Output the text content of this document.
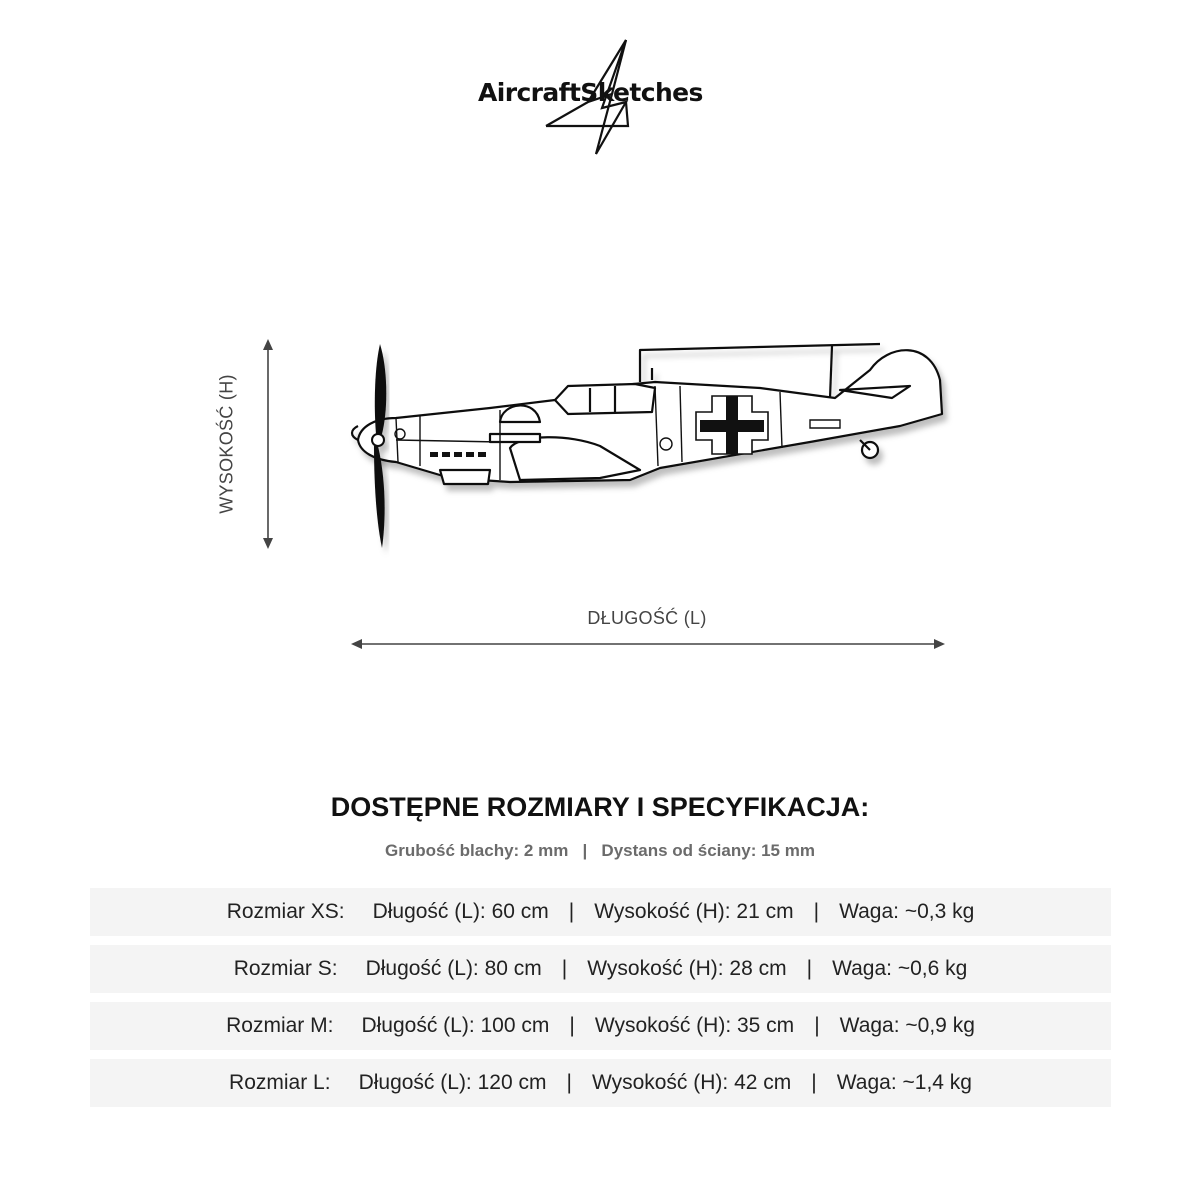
AircraftSketches
WYSOKOŚĆ (H)
DŁUGOŚĆ (L)
DOSTĘPNE ROZMIARY I SPECYFIKACJA:
Grubość blachy: 2 mm   |   Dystans od ściany: 15 mm
Rozmiar XS: Długość (L): 60 cm | Wysokość (H): 21 cm | Waga: ~0,3 kg
Rozmiar S: Długość (L): 80 cm | Wysokość (H): 28 cm | Waga: ~0,6 kg
Rozmiar M: Długość (L): 100 cm | Wysokość (H): 35 cm | Waga: ~0,9 kg
Rozmiar L: Długość (L): 120 cm | Wysokość (H): 42 cm | Waga: ~1,4 kg
